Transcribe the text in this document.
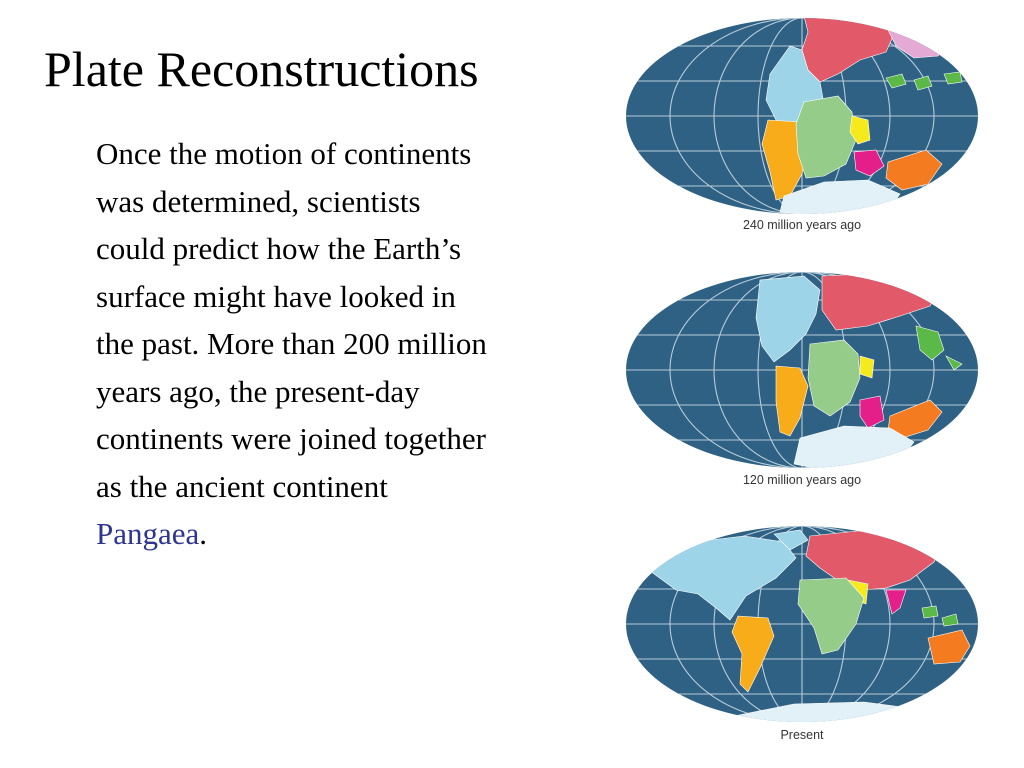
Plate Reconstructions

Once the motion of continents was determined, scientists could predict how the Earth’s surface might have looked in the past. More than 200 million years ago, the present-day continents were joined together as the ancient continent Pangaea.

240 million years ago
120 million years ago
Present
